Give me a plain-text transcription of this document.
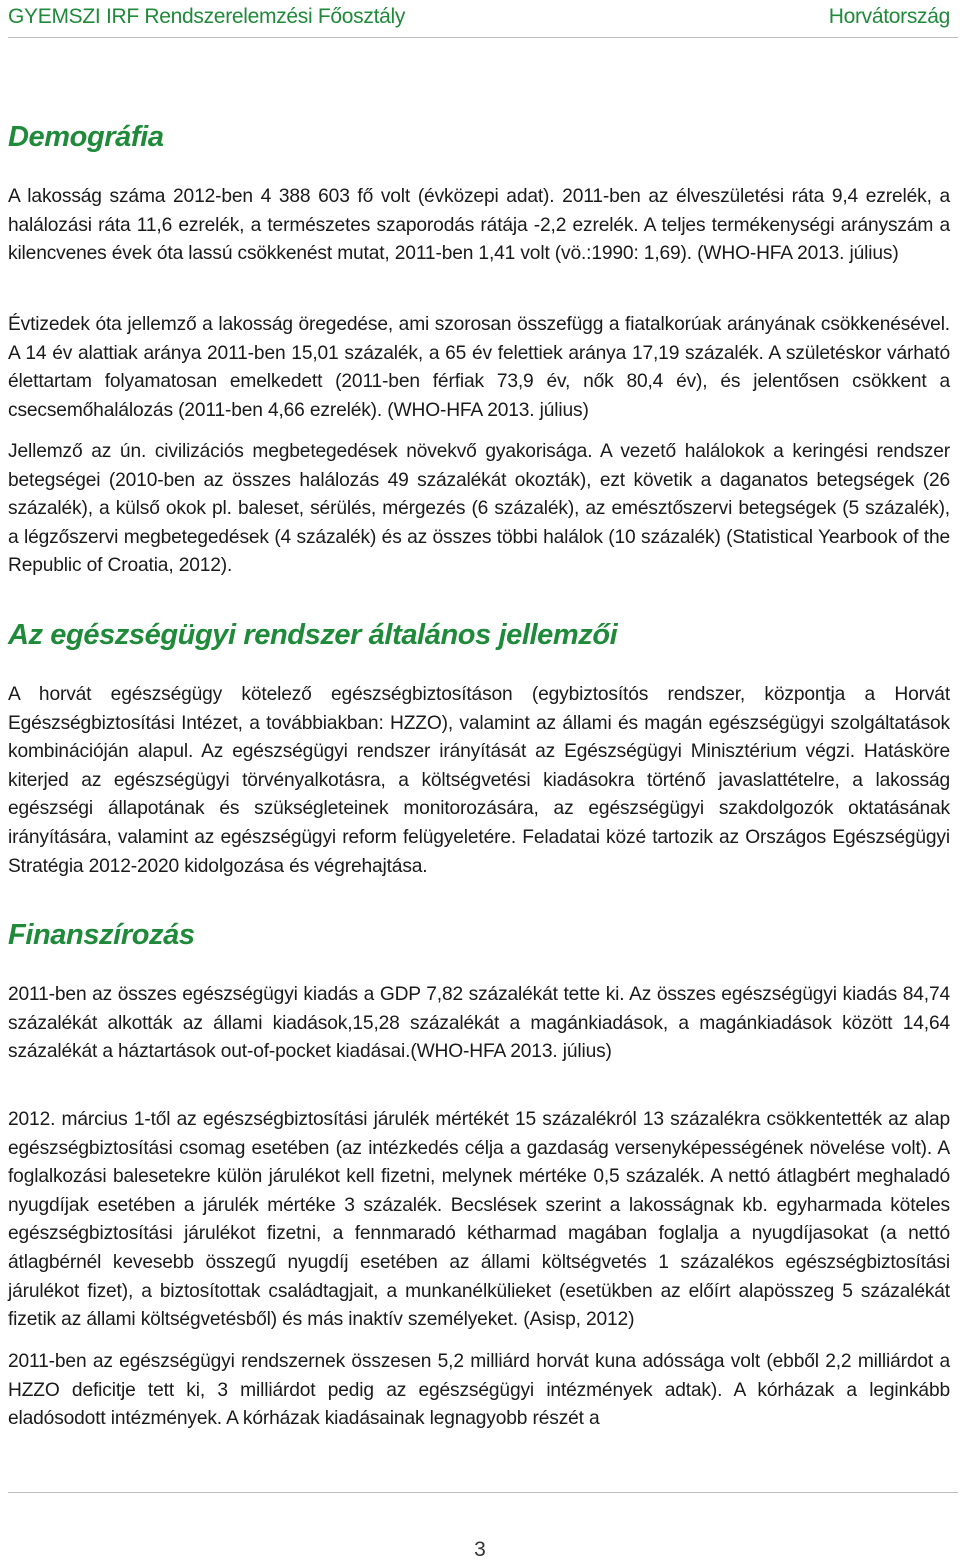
GYEMSZI IRF Rendszerelemzési Főosztály	Horvátország
Demográfia

A lakosság száma 2012-ben 4 388 603 fő volt (évközepi adat). 2011-ben az élveszületési ráta 9,4 ezrelék, a halálozási ráta 11,6 ezrelék, a természetes szaporodás rátája -2,2 ezrelék. A teljes termékenységi arányszám a kilencvenes évek óta lassú csökkenést mutat, 2011-ben 1,41 volt (vö.:1990: 1,69). (WHO-HFA 2013. július)

Évtizedek óta jellemző a lakosság öregedése, ami szorosan összefügg a fiatalkorúak arányának csökkenésével. A 14 év alattiak aránya 2011-ben 15,01 százalék, a 65 év felettiek aránya 17,19 százalék. A születéskor várható élettartam folyamatosan emelkedett (2011-ben férfiak 73,9 év, nők 80,4 év), és jelentősen csökkent a csecsemőhalálozás (2011-ben 4,66 ezrelék). (WHO-HFA 2013. július)

Jellemző az ún. civilizációs megbetegedések növekvő gyakorisága. A vezető halálokok a keringési rendszer betegségei (2010-ben az összes halálozás 49 százalékát okozták), ezt követik a daganatos betegségek (26 százalék), a külső okok pl. baleset, sérülés, mérgezés (6 százalék), az emésztőszervi betegségek (5 százalék), a légzőszervi megbetegedések (4 százalék) és az összes többi halálok (10 százalék) (Statistical Yearbook of the Republic of Croatia, 2012).

Az egészségügyi rendszer általános jellemzői

A horvát egészségügy kötelező egészségbiztosításon (egybiztosítós rendszer, központja a Horvát Egészségbiztosítási Intézet, a továbbiakban: HZZO), valamint az állami és magán egészségügyi szolgáltatások kombinációján alapul. Az egészségügyi rendszer irányítását az Egészségügyi Minisztérium végzi. Hatásköre kiterjed az egészségügyi törvényalkotásra, a költségvetési kiadásokra történő javaslattételre, a lakosság egészségi állapotának és szükségleteinek monitorozására, az egészségügyi szakdolgozók oktatásának irányítására, valamint az egészségügyi reform felügyeletére. Feladatai közé tartozik az Országos Egészségügyi Stratégia 2012-2020 kidolgozása és végrehajtása.

Finanszírozás

2011-ben az összes egészségügyi kiadás a GDP 7,82 százalékát tette ki. Az összes egészségügyi kiadás 84,74 százalékát alkották az állami kiadások,15,28 százalékát a magánkiadások, a magánkiadások között 14,64 százalékát a háztartások out-of-pocket kiadásai.(WHO-HFA 2013. július)

2012. március 1-től az egészségbiztosítási járulék mértékét 15 százalékról 13 százalékra csökkentették az alap egészségbiztosítási csomag esetében (az intézkedés célja a gazdaság versenyképességének növelése volt). A foglalkozási balesetekre külön járulékot kell fizetni, melynek mértéke 0,5 százalék. A nettó átlagbért meghaladó nyugdíjak esetében a járulék mértéke 3 százalék. Becslések szerint a lakosságnak kb. egyharmada köteles egészségbiztosítási járulékot fizetni, a fennmaradó kétharmad magában foglalja a nyugdíjasokat (a nettó átlagbérnél kevesebb összegű nyugdíj esetében az állami költségvetés 1 százalékos egészségbiztosítási járulékot fizet), a biztosítottak családtagjait, a munkanélkülieket (esetükben az előírt alapösszeg 5 százalékát fizetik az állami költségvetésből) és más inaktív személyeket. (Asisp, 2012)

2011-ben az egészségügyi rendszernek összesen 5,2 milliárd horvát kuna adóssága volt (ebből 2,2 milliárdot a HZZO deficitje tett ki, 3 milliárdot pedig az egészségügyi intézmények adtak). A kórházak a leginkább eladósodott intézmények. A kórházak kiadásainak legnagyobb részét a

3
